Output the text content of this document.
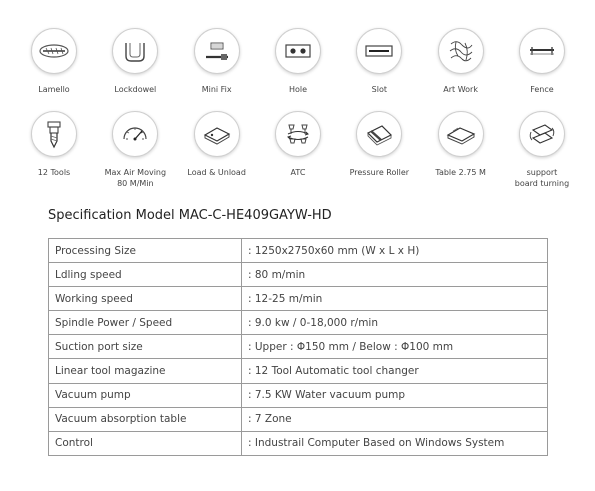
Lamello	Lockdowel	Mini Fix	Hole	Slot	Art Work	Fence
12 Tools	Max Air Moving
80 M/Min
Load & Unload	ATC	Pressure Roller	Table 2.75 M	support
board turning
Specification Model MAC-C-HE409GAYW-HD
Processing Size	: 1250x2750x60 mm (W x L x H)
Ldling speed	: 80 m/min
Working speed	: 12-25 m/min
Spindle Power / Speed	: 9.0 kw / 0-18,000 r/min
Suction port size	: Upper : Φ150 mm / Below : Φ100 mm
Linear tool magazine	: 12 Tool Automatic tool changer
Vacuum pump	: 7.5 KW Water vacuum pump
Vacuum absorption table	: 7 Zone
Control	: Industrail Computer Based on Windows System
